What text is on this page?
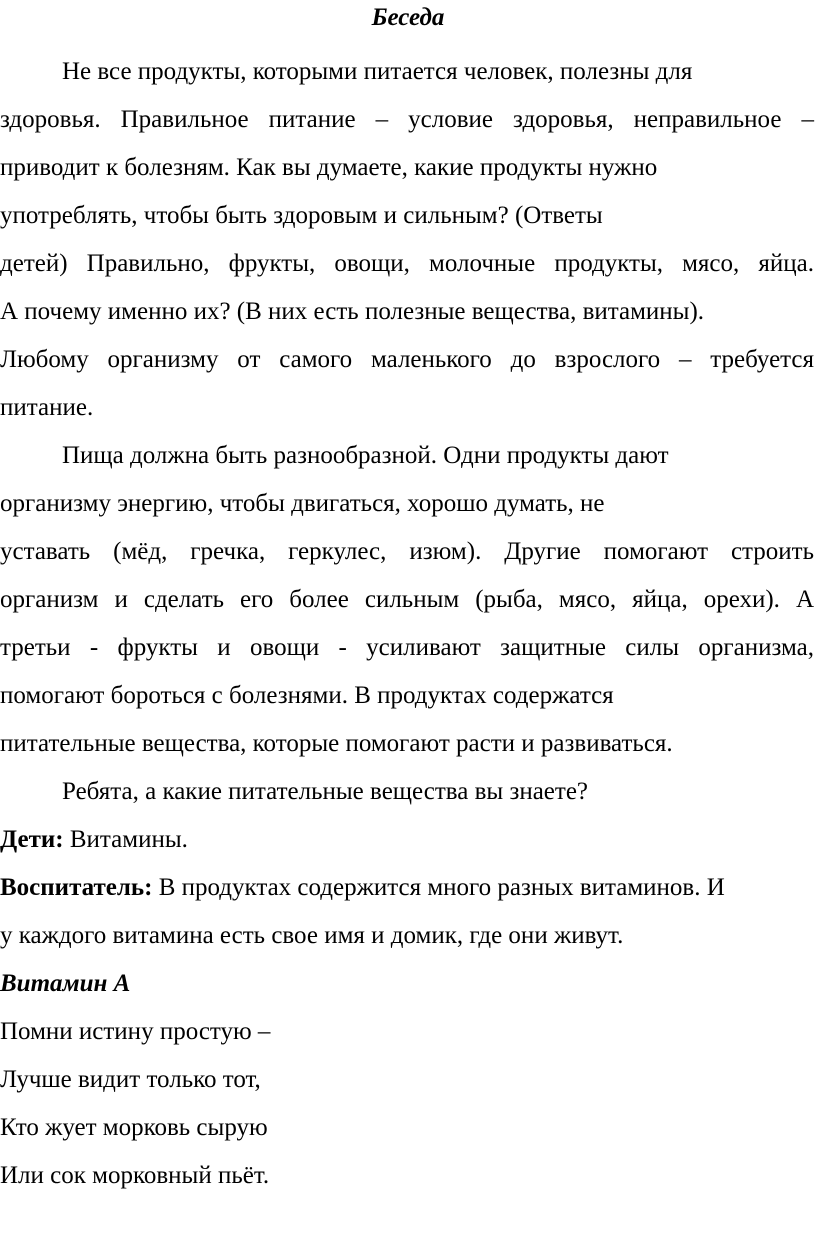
Беседа

Не все продукты, которыми питается человек, полезны для

здоровья. Правильное питание – условие здоровья, неправильное –

приводит к болезням. Как вы думаете, какие продукты нужно

употреблять, чтобы быть здоровым и сильным? (Ответы

детей) Правильно, фрукты, овощи, молочные продукты, мясо, яйца.

А почему именно их? (В них есть полезные вещества, витамины).

Любому организму от самого маленького до взрослого – требуется

питание.

Пища должна быть разнообразной. Одни продукты дают

организму энергию, чтобы двигаться, хорошо думать, не

уставать (мёд, гречка, геркулес, изюм). Другие помогают строить

организм и сделать его более сильным (рыба, мясо, яйца, орехи). А

третьи - фрукты и овощи - усиливают защитные силы организма,

помогают бороться с болезнями. В продуктах содержатся

питательные вещества, которые помогают расти и развиваться.

Ребята, а какие питательные вещества вы знаете?

Дети: Витамины.

Воспитатель: В продуктах содержится много разных витаминов. И

у каждого витамина есть свое имя и домик, где они живут.

Витамин А

Помни истину простую –

Лучше видит только тот,

Кто жует морковь сырую

Или сок морковный пьёт.
